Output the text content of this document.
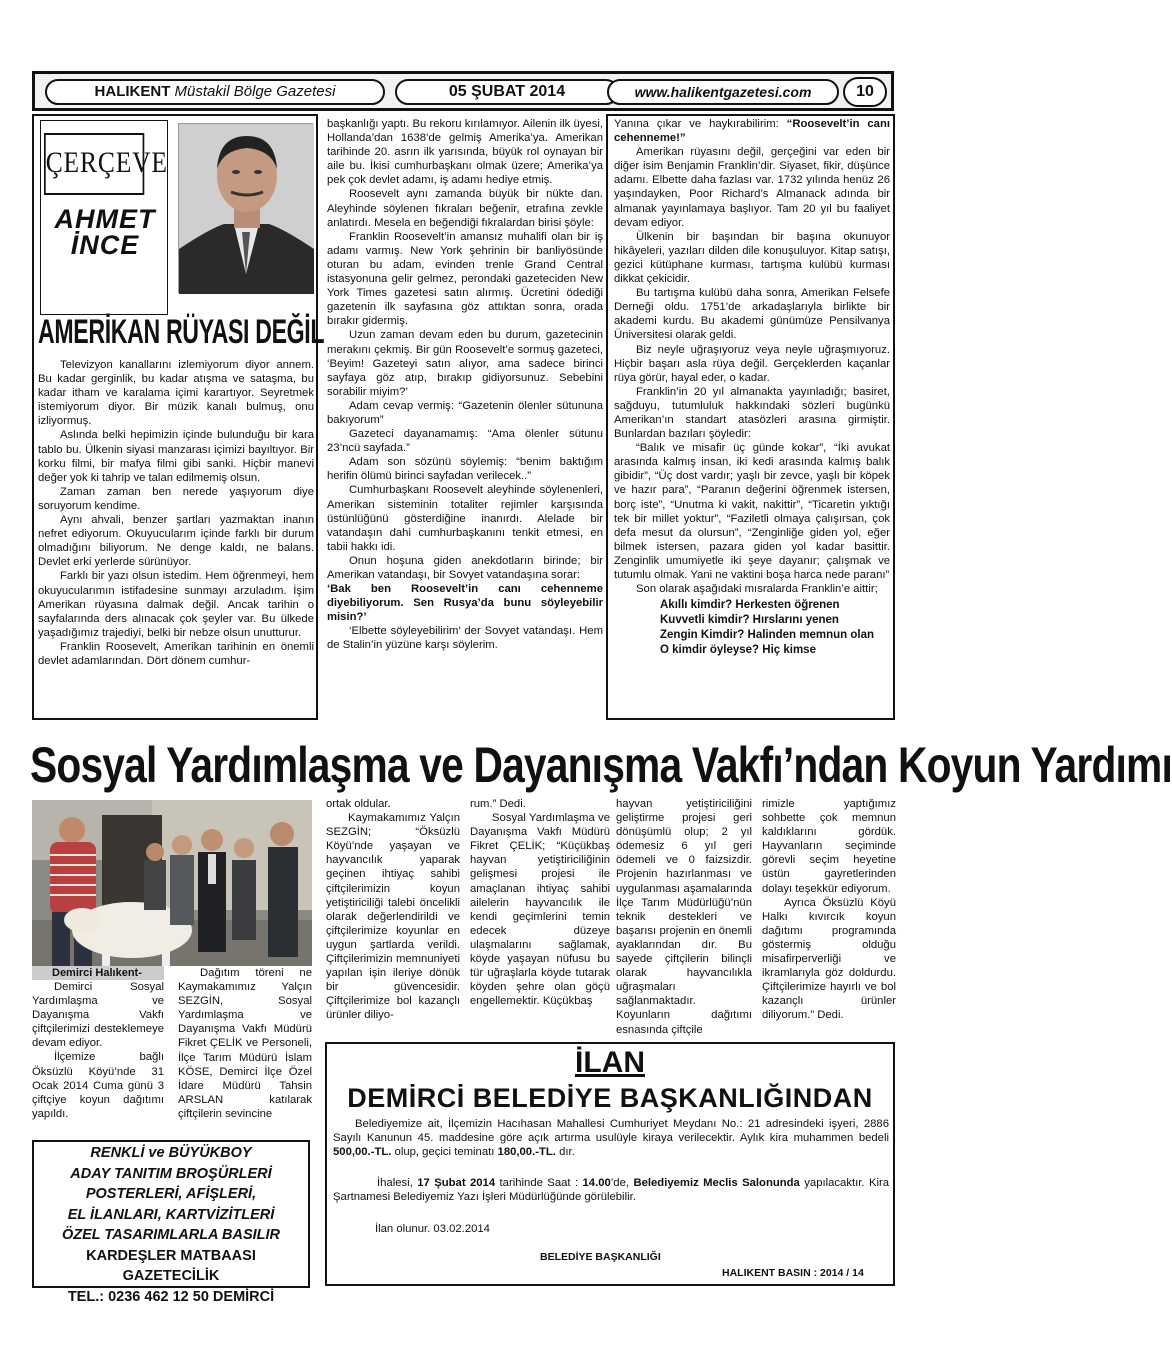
HALIKENT Müstakil Bölge Gazetesi	05 ŞUBAT 2014	www.halikentgazetesi.com	10
ÇERÇEVE
AHMET
İNCE
AMERİKAN RÜYASI DEĞİL

Televizyon kanallarını izlemiyorum diyor annem. Bu kadar gerginlik, bu kadar atışma ve sataşma, bu kadar itham ve karalama içimi karartıyor. Seyretmek istemiyorum diyor. Bir müzik kanalı bulmuş, onu izliyormuş.

Aslında belki hepimizin içinde bulunduğu bir kara tablo bu. Ülkenin siyasi manzarası içimizi bayıltıyor. Bir korku filmi, bir mafya filmi gibi sanki. Hiçbir manevi değer yok ki tahrip ve talan edilmemiş olsun.

Zaman zaman ben nerede yaşıyorum diye soruyorum kendime.

Aynı ahvali, benzer şartları yazmaktan inanın nefret ediyorum. Okuyucularım içinde farklı bir durum olmadığını biliyorum. Ne denge kaldı, ne balans. Devlet erki yerlerde sürünüyor.

Farklı bir yazı olsun istedim. Hem öğrenmeyi, hem okuyucularımın istifadesine sunmayı arzuladım. İşim Amerikan rüyasına dalmak değil. Ancak tarihin o sayfalarında ders alınacak çok şeyler var. Bu ülkede yaşadığımız trajediyi, belki bir nebze olsun unutturur.

Franklin Roosevelt, Amerikan tarihinin en önemli devlet adamlarından. Dört dönem cumhur-

başkanlığı yaptı. Bu rekoru kırılamıyor. Ailenin ilk üyesi, Hollanda’dan 1638’de gelmiş Amerika’ya. Amerikan tarihinde 20. asrın ilk yarısında, büyük rol oynayan bir aile bu. İkisi cumhurbaşkanı olmak üzere; Amerika’ya pek çok devlet adamı, iş adamı hediye etmiş.

Roosevelt aynı zamanda büyük bir nükte dan. Aleyhinde söylenen fıkraları beğenir, etrafına zevkle anlatırdı. Mesela en beğendiği fıkralardan birisi şöyle:

Franklin Roosevelt’in amansız muhalifi olan bir iş adamı varmış. New York şehrinin bir banliyösünde oturan bu adam, evinden trenle Grand Central istasyonuna gelir gelmez, perondaki gazeteciden New York Times gazetesi satın alırmış. Ücretini ödediği gazetenin ilk sayfasına göz attıktan sonra, orada bırakır gidermiş.

Uzun zaman devam eden bu durum, gazetecinin merakını çekmiş. Bir gün Roosevelt’e sormuş gazeteci, ‘Beyim! Gazeteyi satın alıyor, ama sadece birinci sayfaya göz atıp, bırakıp gidiyorsunuz. Sebebini sorabilir miyim?’

Adam cevap vermiş: “Gazetenin ölenler sütununa bakıyorum”

Gazeteci dayanamamış: “Ama ölenler sütunu 23’ncü sayfada.”

Adam son sözünü söylemiş: “benim baktığım herifin ölümü birinci sayfadan verilecek..”

Cumhurbaşkanı Roosevelt aleyhinde söylenenleri, Amerikan sisteminin totaliter rejimler karşısında üstünlüğünü gösterdiğine inanırdı. Alelade bir vatandaşın dahi cumhurbaşkanını tenkit etmesi, en tabii hakkı idi.

Onun hoşuna giden anekdotların birinde; bir Amerikan vatandaşı, bir Sovyet vatandaşına sorar:

‘Bak ben Roosevelt’in canı cehenneme diyebiliyorum. Sen Rusya’da bunu söyleyebilir misin?’

‘Elbette söyleyebilirim’ der Sovyet vatandaşı. Hem de Stalin’in yüzüne karşı söylerim.

Yanına çıkar ve haykırabilirim: “Roosevelt’in canı cehenneme!”

Amerikan rüyasını değil, gerçeğini var eden bir diğer isim Benjamin Franklin’dir. Siyaset, fikir, düşünce adamı. Elbette daha fazlası var. 1732 yılında henüz 26 yaşındayken, Poor Richard’s Almanack adında bir almanak yayınlamaya başlıyor. Tam 20 yıl bu faaliyet devam ediyor.

Ülkenin bir başından bir başına okunuyor hikâyeleri, yazıları dilden dile konuşuluyor. Kitap satışı, gezici kütüphane kurması, tartışma kulübü kurması dikkat çekicidir.

Bu tartışma kulübü daha sonra, Amerikan Felsefe Derneği oldu. 1751’de arkadaşlarıyla birlikte bir akademi kurdu. Bu akademi günümüze Pensilvanya Üniversitesi olarak geldi.

Biz neyle uğraşıyoruz veya neyle uğraşmıyoruz. Hiçbir başarı asla rüya değil. Gerçeklerden kaçanlar rüya görür, hayal eder, o kadar.

Franklin’in 20 yıl almanakta yayınladığı; basiret, sağduyu, tutumluluk hakkındaki sözleri bugünkü Amerikan’ın standart atasözleri arasına girmiştir. Bunlardan bazıları şöyledir:

“Balık ve misafir üç günde kokar”, “İki avukat arasında kalmış insan, iki kedi arasında kalmış balık gibidir”, “Üç dost vardır; yaşlı bir zevce, yaşlı bir köpek ve hazır para”, “Paranın değerini öğrenmek istersen, borç iste”, “Unutma ki vakit, nakittir”, “Ticaretin yıktığı tek bir millet yoktur”, “Faziletli olmaya çalışırsan, çok defa mesut da olursun”, “Zenginliğe giden yol, eğer bilmek istersen, pazara giden yol kadar basittir. Zenginlik umumiyetle iki şeye dayanır; çalışmak ve tutumlu olmak. Yani ne vaktini boşa harca nede paranı”

Son olarak aşağıdaki mısralarda Franklin’e aittir;

Akıllı kimdir? Herkesten öğrenen
Kuvvetli kimdir? Hırslarını yenen
Zengin Kimdir? Halinden memnun olan
O kimdir öyleyse? Hiç kimse
Sosyal Yardımlaşma ve Dayanışma Vakfı’ndan Koyun Yardımı
Demirci Halıkent-

Demirci Sosyal Yardımlaşma ve Dayanışma Vakfı çiftçilerimizi desteklemeye devam ediyor.

İlçemize bağlı Öksüzlü Köyü’nde 31 Ocak 2014 Cuma günü 3 çiftçiye koyun dağıtımı yapıldı.

Dağıtım töreni ne Kaymakamımız Yalçın SEZGİN, Sosyal Yardımlaşma ve Dayanışma Vakfı Müdürü Fikret ÇELİK ve Personeli, İlçe Tarım Müdürü İslam KÖSE, Demirci İlçe Özel İdare Müdürü Tahsin ARSLAN katılarak çiftçilerin sevincine

ortak oldular.

Kaymakamımız Yalçın SEZGİN; “Öksüzlü Köyü’nde yaşayan ve hayvancılık yaparak geçinen ihtiyaç sahibi çiftçilerimizin koyun yetiştiriciliği talebi öncelikli olarak değerlendirildi ve çiftçilerimize koyunlar en uygun şartlarda verildi. Çiftçilerimizin memnuniyeti yapılan işin ileriye dönük bir güvencesidir. Çiftçilerimize bol kazançlı ürünler diliyo-

rum.” Dedi.

Sosyal Yardımlaşma ve Dayanışma Vakfı Müdürü Fikret ÇELİK; “Küçükbaş hayvan yetiştiriciliğinin gelişmesi projesi ile amaçlanan ihtiyaç sahibi ailelerin hayvancılık ile kendi geçimlerini temin edecek düzeye ulaşmalarını sağlamak, köyde yaşayan nüfusu bu tür uğraşlarla köyde tutarak köyden şehre olan göçü engellemektir. Küçükbaş

hayvan yetiştiriciliğini geliştirme projesi geri dönüşümlü olup; 2 yıl ödemesiz 6 yıl geri ödemeli ve 0 faizsizdir. Projenin hazırlanması ve uygulanması aşamalarında İlçe Tarım Müdürlüğü’nün teknik destekleri ve başarısı projenin en önemli ayaklarından dır. Bu sayede çiftçilerin bilinçli olarak hayvancılıkla uğraşmaları sağlanmaktadır. Koyunların dağıtımı esnasında çiftçile

rimizle yaptığımız sohbette çok memnun kaldıklarını gördük. Hayvanların seçiminde görevli seçim heyetine üstün gayretlerinden dolayı teşekkür ediyorum.

Ayrıca Öksüzlü Köyü Halkı kıvırcık koyun dağıtımı programında göstermiş olduğu misafirperverliği ve ikramlarıyla göz doldurdu. Çiftçilerimize hayırlı ve bol kazançlı ürünler diliyorum.” Dedi.

RENKLİ ve BÜYÜKBOY
ADAY TANITIM BROŞÜRLERİ
POSTERLERİ, AFİŞLERİ,
EL İLANLARI, KARTVİZİTLERİ
ÖZEL TASARIMLARLA BASILIR
KARDEŞLER MATBAASI GAZETECİLİK
TEL.: 0236 462 12 50 DEMİRCİ
İLAN
DEMİRCİ BELEDİYE BAŞKANLIĞINDAN

Belediyemize ait, İlçemizin Hacıhasan Mahallesi Cumhuriyet Meydanı No.: 21 adresindeki işyeri, 2886 Sayılı Kanunun 45. maddesine göre açık artırma usulüyle kiraya verilecektir. Aylık kira muhammen bedeli 500,00.-TL. olup, geçici teminatı 180,00.-TL. dır.

İhalesi, 17 Şubat 2014 tarihinde Saat : 14.00’de, Belediyemiz Meclis Salonunda yapılacaktır. Kira Şartnamesi Belediyemiz Yazı İşleri Müdürlüğünde görülebilir.

İlan olunur. 03.02.2014
BELEDİYE BAŞKANLIĞI
HALIKENT BASIN : 2014 / 14
